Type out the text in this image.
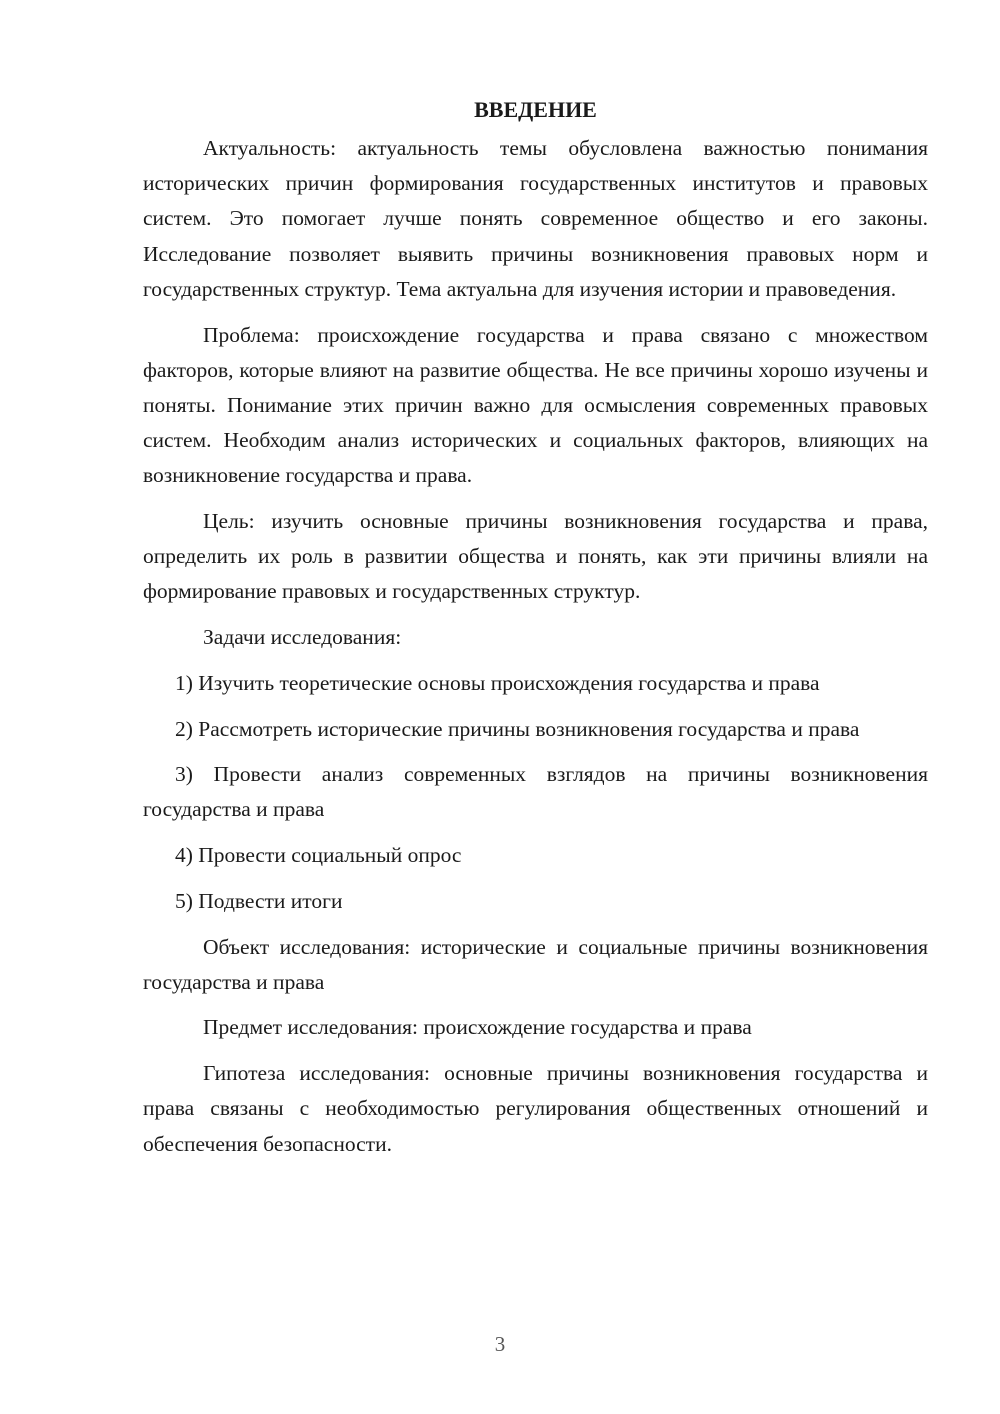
ВВЕДЕНИЕ

Актуальность: актуальность темы обусловлена важностью понимания исторических причин формирования государственных институтов и правовых систем. Это помогает лучше понять современное общество и его законы. Исследование позволяет выявить причины возникновения правовых норм и государственных структур. Тема актуальна для изучения истории и правоведения.

Проблема: происхождение государства и права связано с множеством факторов, которые влияют на развитие общества. Не все причины хорошо изучены и поняты. Понимание этих причин важно для осмысления современных правовых систем. Необходим анализ исторических и социальных факторов, влияющих на возникновение государства и права.

Цель: изучить основные причины возникновения государства и права, определить их роль в развитии общества и понять, как эти причины влияли на формирование правовых и государственных структур.

Задачи исследования:

1) Изучить теоретические основы происхождения государства и права

2) Рассмотреть исторические причины возникновения государства и права

3) Провести анализ современных взглядов на причины возникновения государства и права

4) Провести социальный опрос

5) Подвести итоги

Объект исследования: исторические и социальные причины возникновения государства и права

Предмет исследования: происхождение государства и права

Гипотеза исследования: основные причины возникновения государства и права связаны с необходимостью регулирования общественных отношений и обеспечения безопасности.

3
